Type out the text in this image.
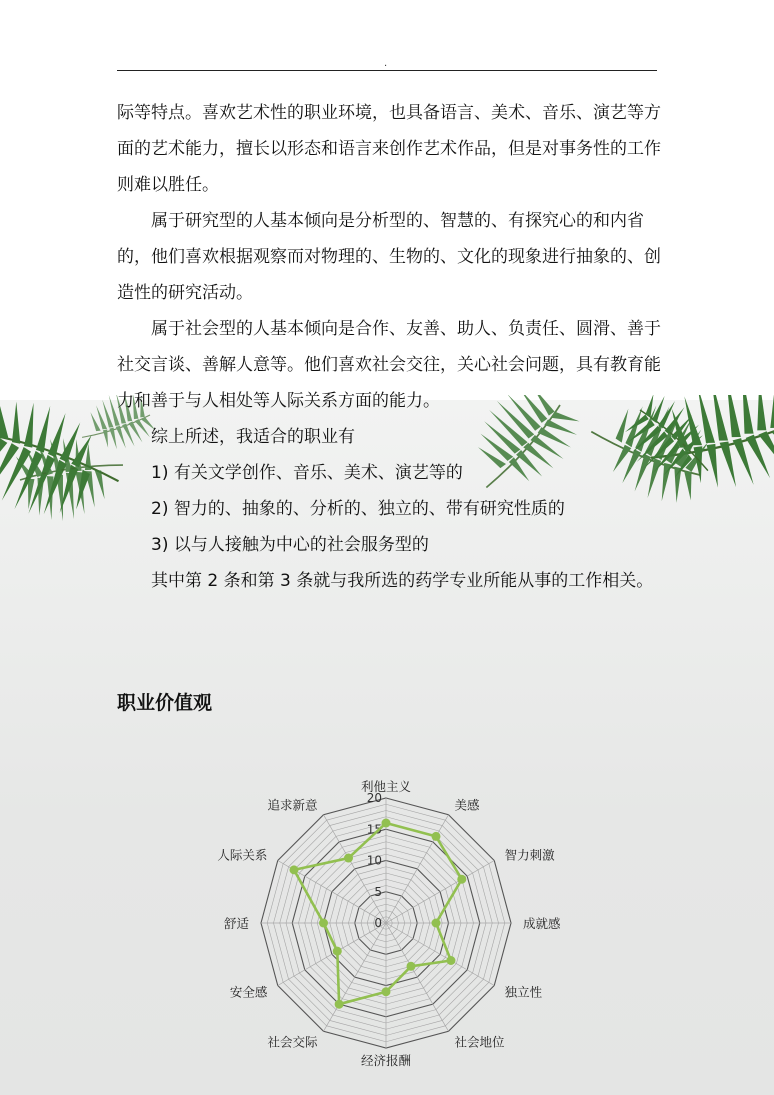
.

际等特点。喜欢艺术性的职业环境，也具备语言、美术、音乐、演艺等方面的艺术能力，擅长以形态和语言来创作艺术作品，但是对事务性的工作则难以胜任。

属于研究型的人基本倾向是分析型的、智慧的、有探究心的和内省的，他们喜欢根据观察而对物理的、生物的、文化的现象进行抽象的、创造性的研究活动。

属于社会型的人基本倾向是合作、友善、助人、负责任、圆滑、善于社交言谈、善解人意等。他们喜欢社会交往，关心社会问题，具有教育能力和善于与人相处等人际关系方面的能力。

综上所述，我适合的职业有

1) 有关文学创作、音乐、美术、演艺等的

2) 智力的、抽象的、分析的、独立的、带有研究性质的

3) 以与人接触为中心的社会服务型的

其中第 2 条和第 3 条就与我所选的药学专业所能从事的工作相关。

职业价值观
0
5
10
15
20
利他主义
美感
智力刺激
成就感
独立性
社会地位
经济报酬
社会交际
安全感
舒适
人际关系
追求新意
